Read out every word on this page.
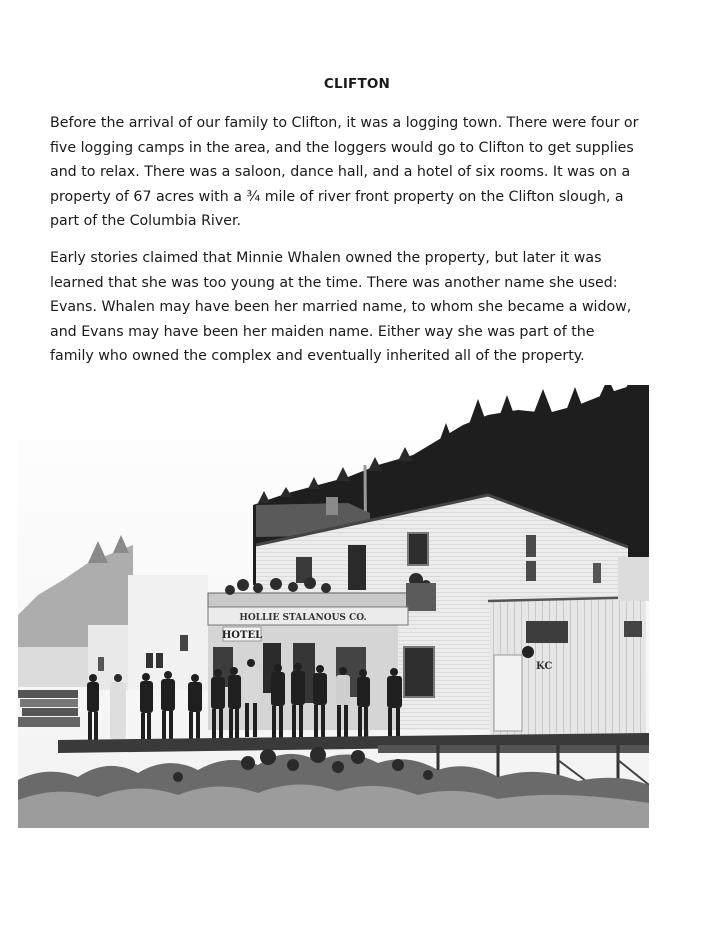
CLIFTON

Before the arrival of our family to Clifton, it was a logging town. There were four or five logging camps in the area, and the loggers would go to Clifton to get supplies and to relax. There was a saloon, dance hall, and a hotel of six rooms. It was on a property of 67 acres with a ¾ mile of river front property on the Clifton slough, a part of the Columbia River.

Early stories claimed that Minnie Whalen owned the property, but later it was learned that she was too young at the time. There was another name she used: Evans. Whalen may have been her married name, to whom she became a widow, and Evans may have been her maiden name. Either way she was part of the family who owned the complex and eventually inherited all of the property.

HOLLIE STALANOUS CO.
HOTEL
KC
